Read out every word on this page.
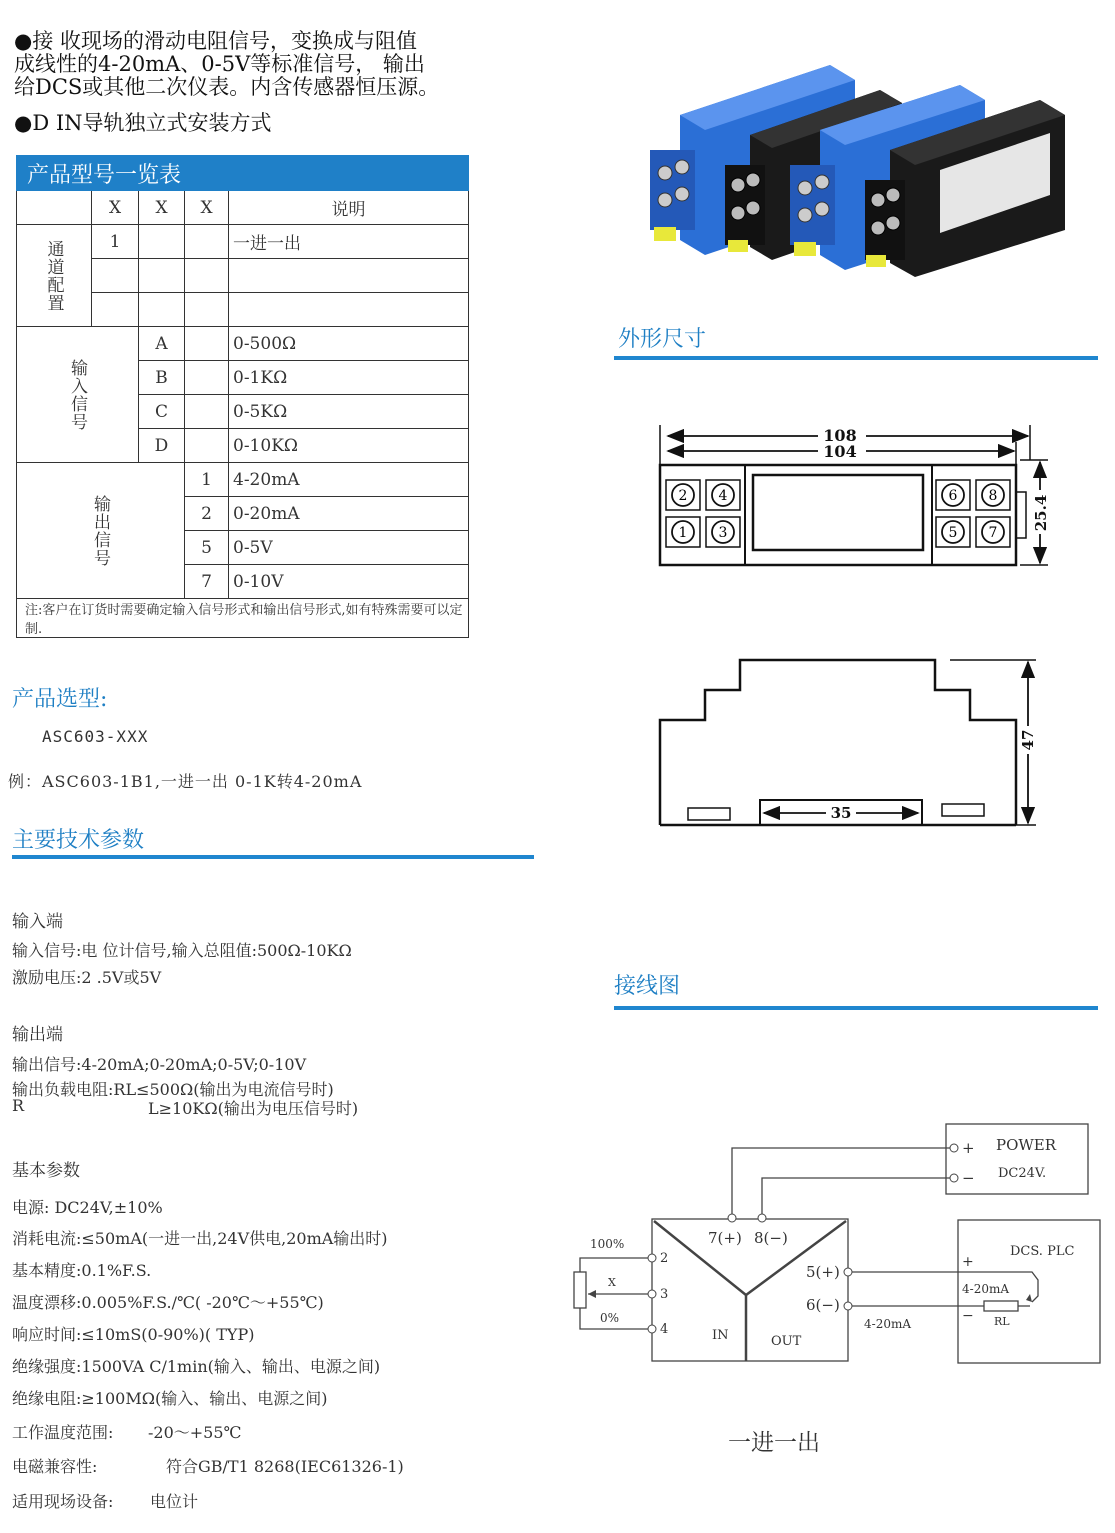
●接 收现场的滑动电阻信号，变换成与阻值
成线性的4-20mA、0-5V等标准信号， 输出
给DCS或其他二次仪表。内含传感器恒压源。
●D IN导轨独立式安装方式
产品型号一览表				
	X	X	X	说明

通道配置	1			一进一出

输入信号		A		0-500Ω
		B		0-1KΩ
		C		0-5KΩ
		D		0-10KΩ

输出信号			1	4-20mA
			2	0-20mA
			5	0-5V
			7	0-10V
注:客户在订货时需要确定输入信号形式和输出信号形式,如有特殊需要可以定制.				
产品选型:
ASC603-XXX
例：ASC603-1B1,一进一出 0-1K转4-20mA
主要技术参数
输入端
输入信号:电 位计信号,输入总阻值:500Ω-10KΩ
激励电压:2 .5V或5V
输出端
输出信号:4-20mA;0-20mA;0-5V;0-10V
输出负载电阻:RL≤500Ω(输出为电流信号时)
R	L≥10KΩ(输出为电压信号时)
基本参数
电源: DC24V,±10%
消耗电流:≤50mA(一进一出,24V供电,20mA输出时)
基本精度:0.1%F.S.
温度漂移:0.005%F.S./℃( -20℃～+55℃)
响应时间:≤10mS(0-90%)( TYP)
绝缘强度:1500VA C/1min(输入、输出、电源之间)
绝缘电阻:≥100MΩ(输入、输出、电源之间)
工作温度范围: -20～+55℃
电磁兼容性:	符合GB/T1 8268(IEC61326-1)
适用现场设备: 电位计
外形尺寸
108
104
2 4
1 3
6 8
5 7
25.4
35
47
接线图
+
−
POWER
DC24V.
7(+) 8(−)
5(+)
6(−)
IN	OUT
2
3
4
100%
X
0%	4-20mA
DCS. PLC
+
−
4-20mA
RL
一进一出
